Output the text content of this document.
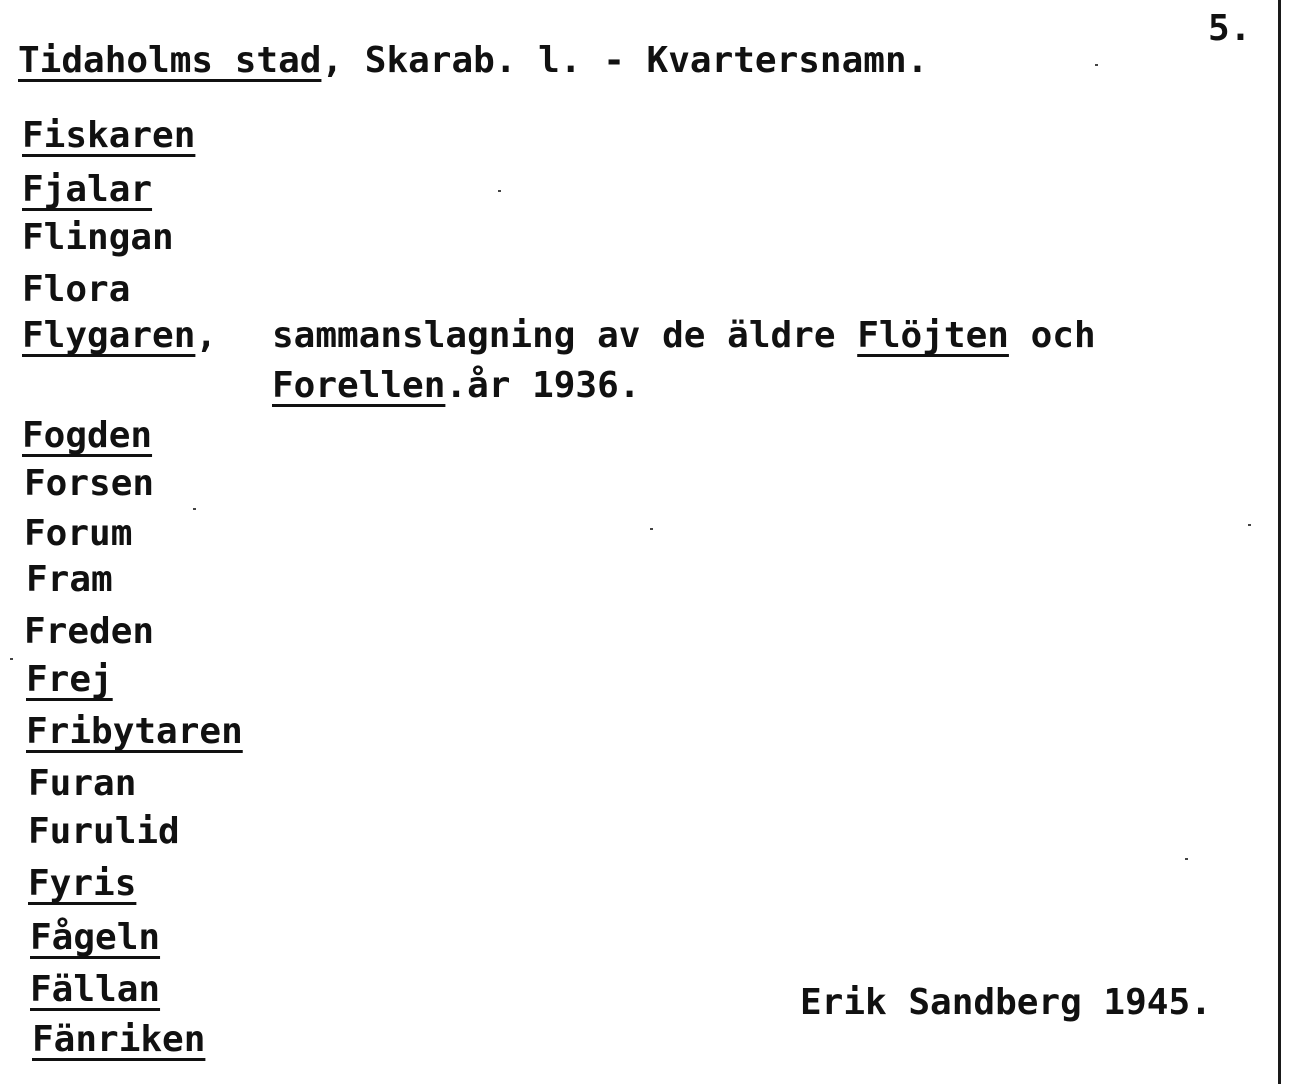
5.
Tidaholms stad, Skarab. l. - Kvartersnamn.
Fiskaren
Fjalar
Flingan
Flora
Flygaren,
Fogden
Forsen
Forum
Fram
Freden
Frej
Fribytaren
Furan
Furulid
Fyris
Fågeln
Fällan
Fänriken
sammanslagning av de äldre Flöjten och
Forellen.år 1936.
Erik Sandberg 1945.
